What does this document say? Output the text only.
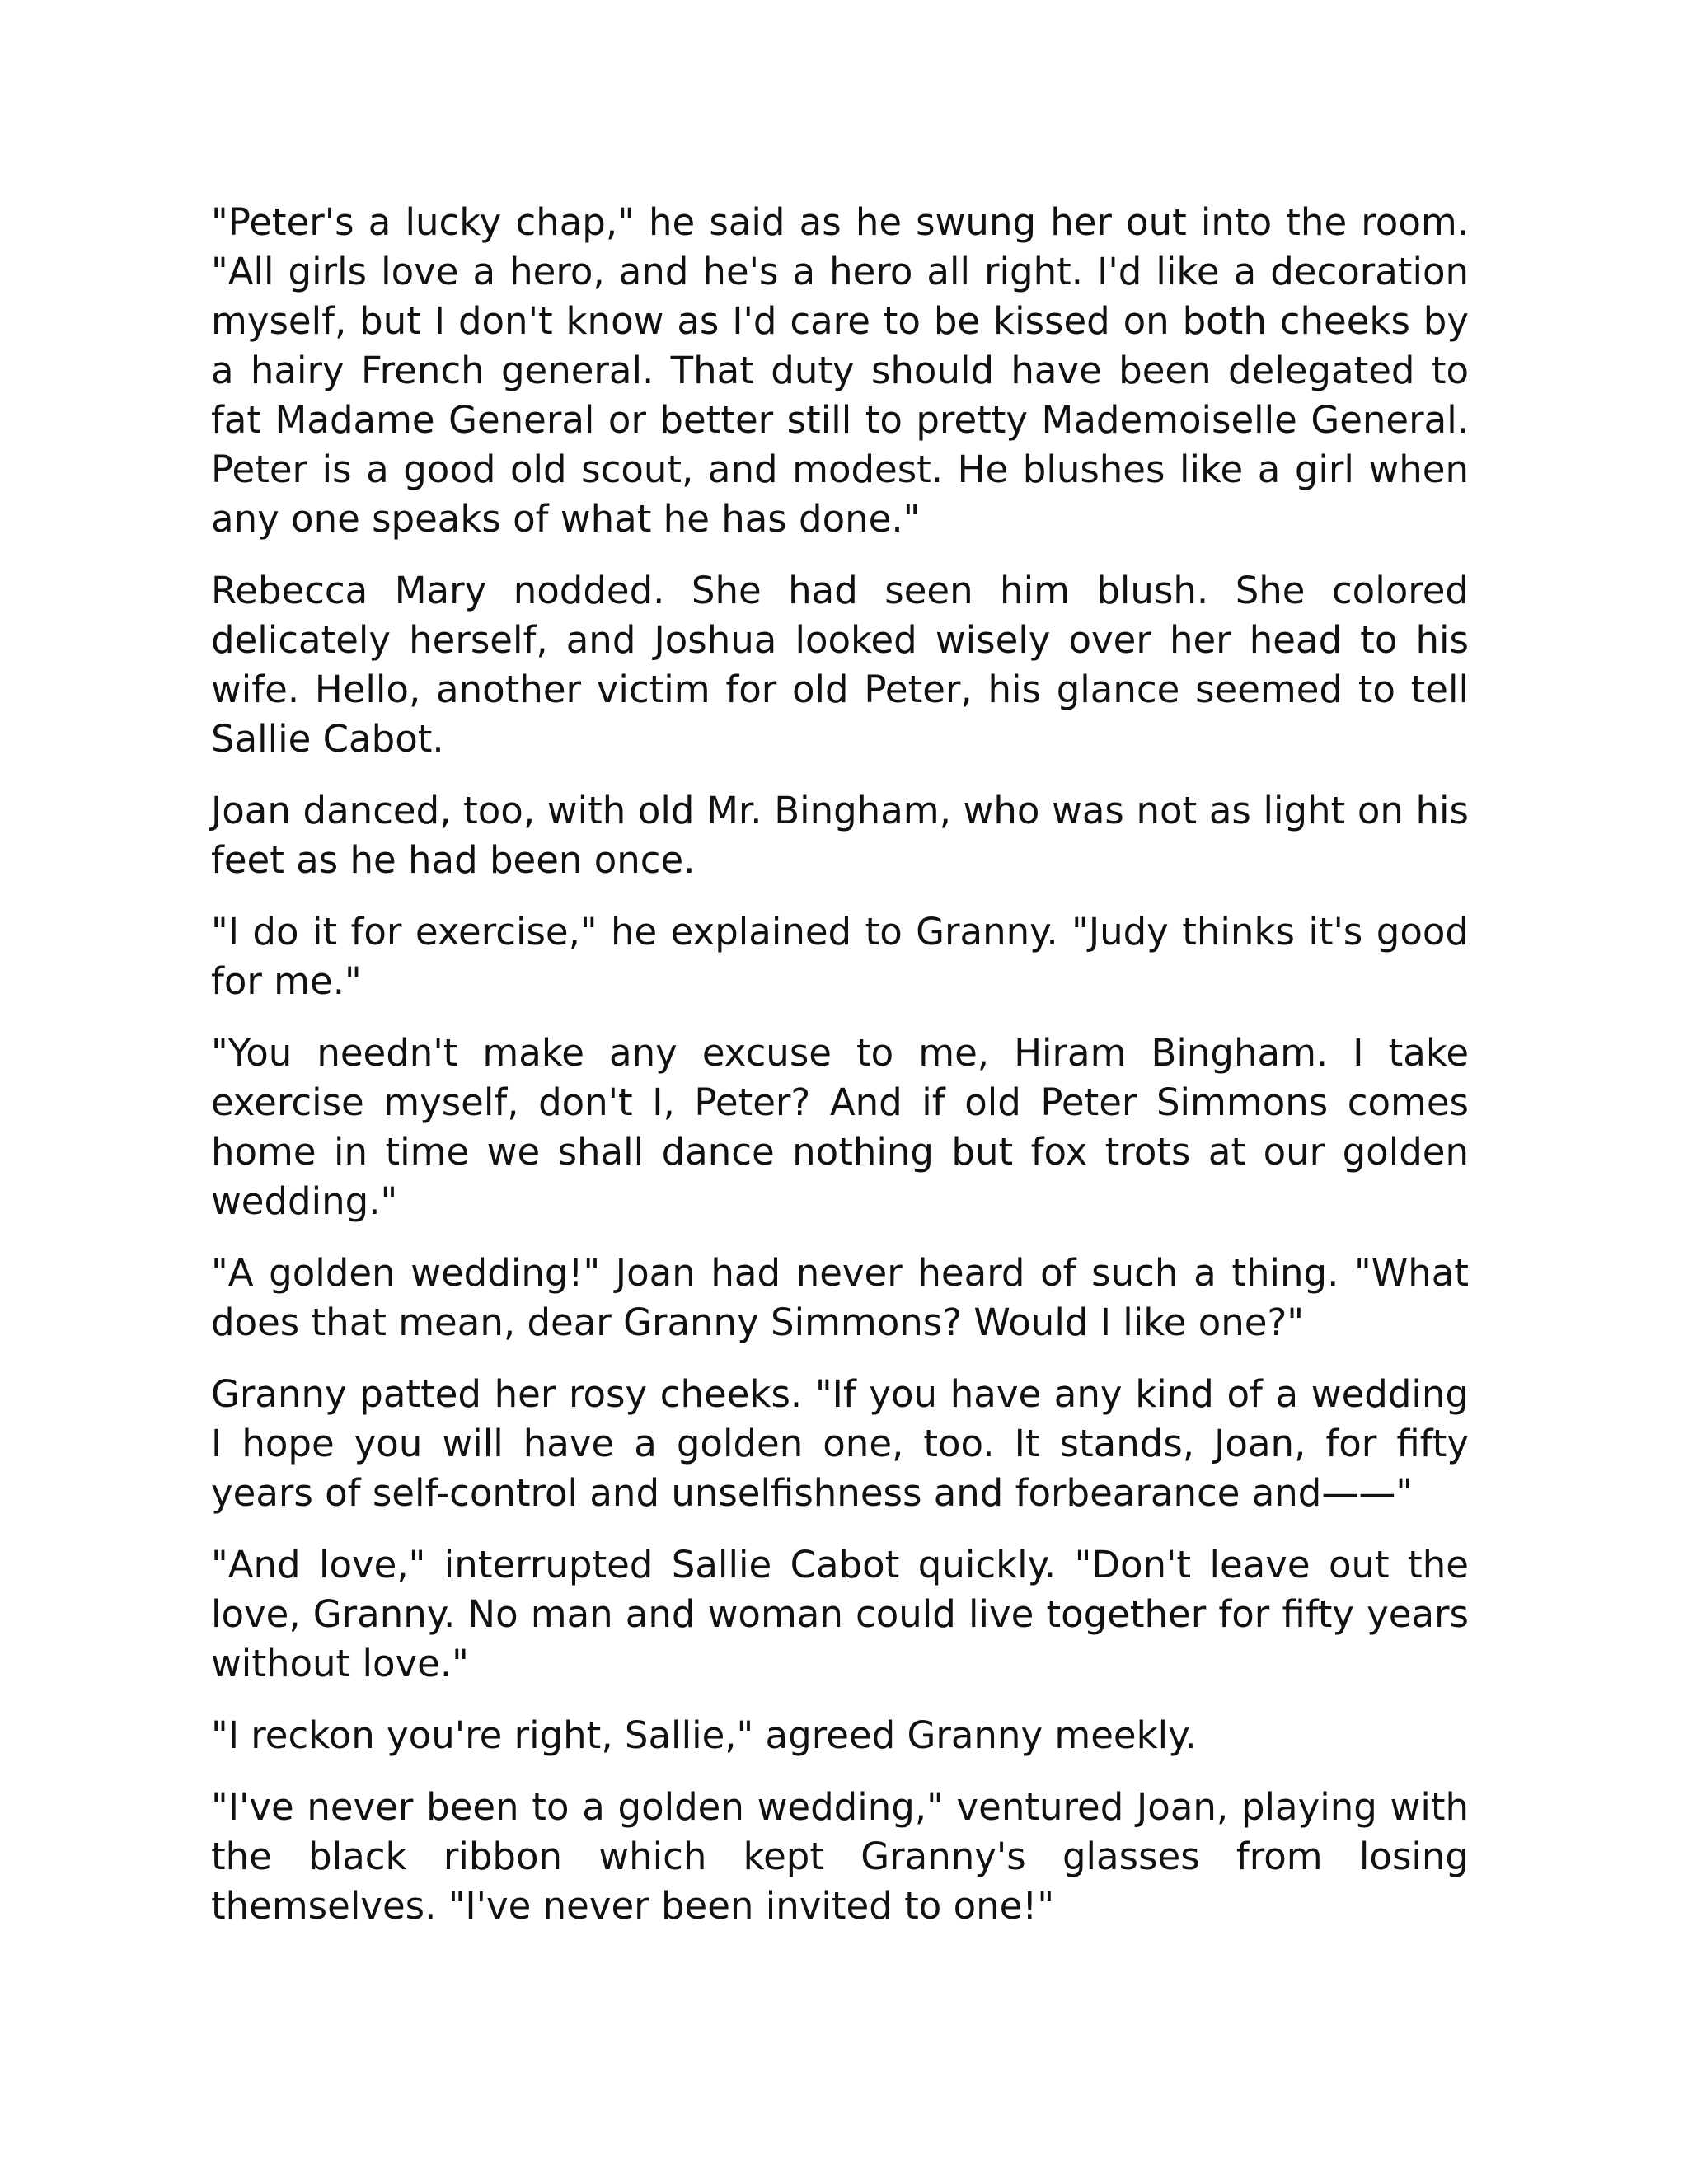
"Peter's a lucky chap," he said as he swung her out into the room. "All girls love a hero, and he's a hero all right. I'd like a decoration myself, but I don't know as I'd care to be kissed on both cheeks by a hairy French general. That duty should have been delegated to fat Madame General or better still to pretty Mademoiselle General. Peter is a good old scout, and modest. He blushes like a girl when any one speaks of what he has done."

Rebecca Mary nodded. She had seen him blush. She colored delicately herself, and Joshua looked wisely over her head to his wife. Hello, another victim for old Peter, his glance seemed to tell Sallie Cabot.

Joan danced, too, with old Mr. Bingham, who was not as light on his feet as he had been once.

"I do it for exercise," he explained to Granny. "Judy thinks it's good for me."

"You needn't make any excuse to me, Hiram Bingham. I take exercise myself, don't I, Peter? And if old Peter Simmons comes home in time we shall dance nothing but fox trots at our golden wedding."

"A golden wedding!" Joan had never heard of such a thing. "What does that mean, dear Granny Simmons? Would I like one?"

Granny patted her rosy cheeks. "If you have any kind of a wedding I hope you will have a golden one, too. It stands, Joan, for fifty years of self-control and unselfishness and forbearance and——"

"And love," interrupted Sallie Cabot quickly. "Don't leave out the love, Granny. No man and woman could live together for fifty years without love."

"I reckon you're right, Sallie," agreed Granny meekly.

"I've never been to a golden wedding," ventured Joan, playing with the black ribbon which kept Granny's glasses from losing themselves. "I've never been invited to one!"
